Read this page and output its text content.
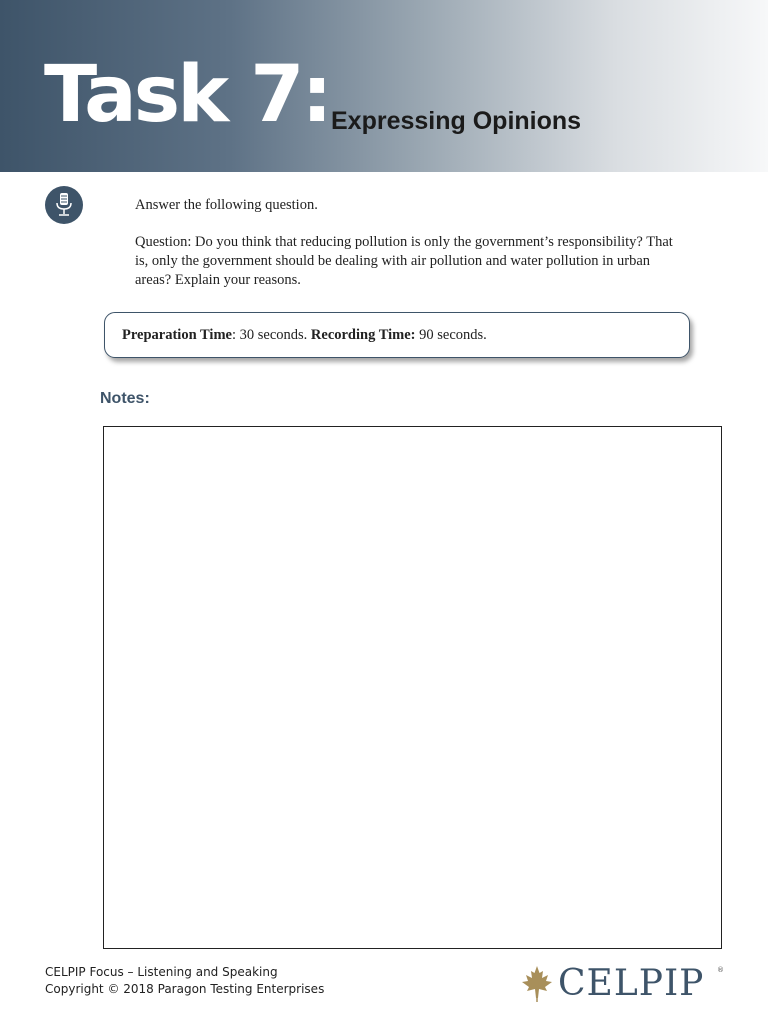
Task 7: Expressing Opinions
Answer the following question.
Question: Do you think that reducing pollution is only the government’s responsibility? That is, only the government should be dealing with air pollution and water pollution in urban areas? Explain your reasons.
Preparation Time: 30 seconds. Recording Time: 90 seconds.
Notes:
CELPIP Focus – Listening and Speaking
Copyright © 2018 Paragon Testing Enterprises	CELPIP ®
